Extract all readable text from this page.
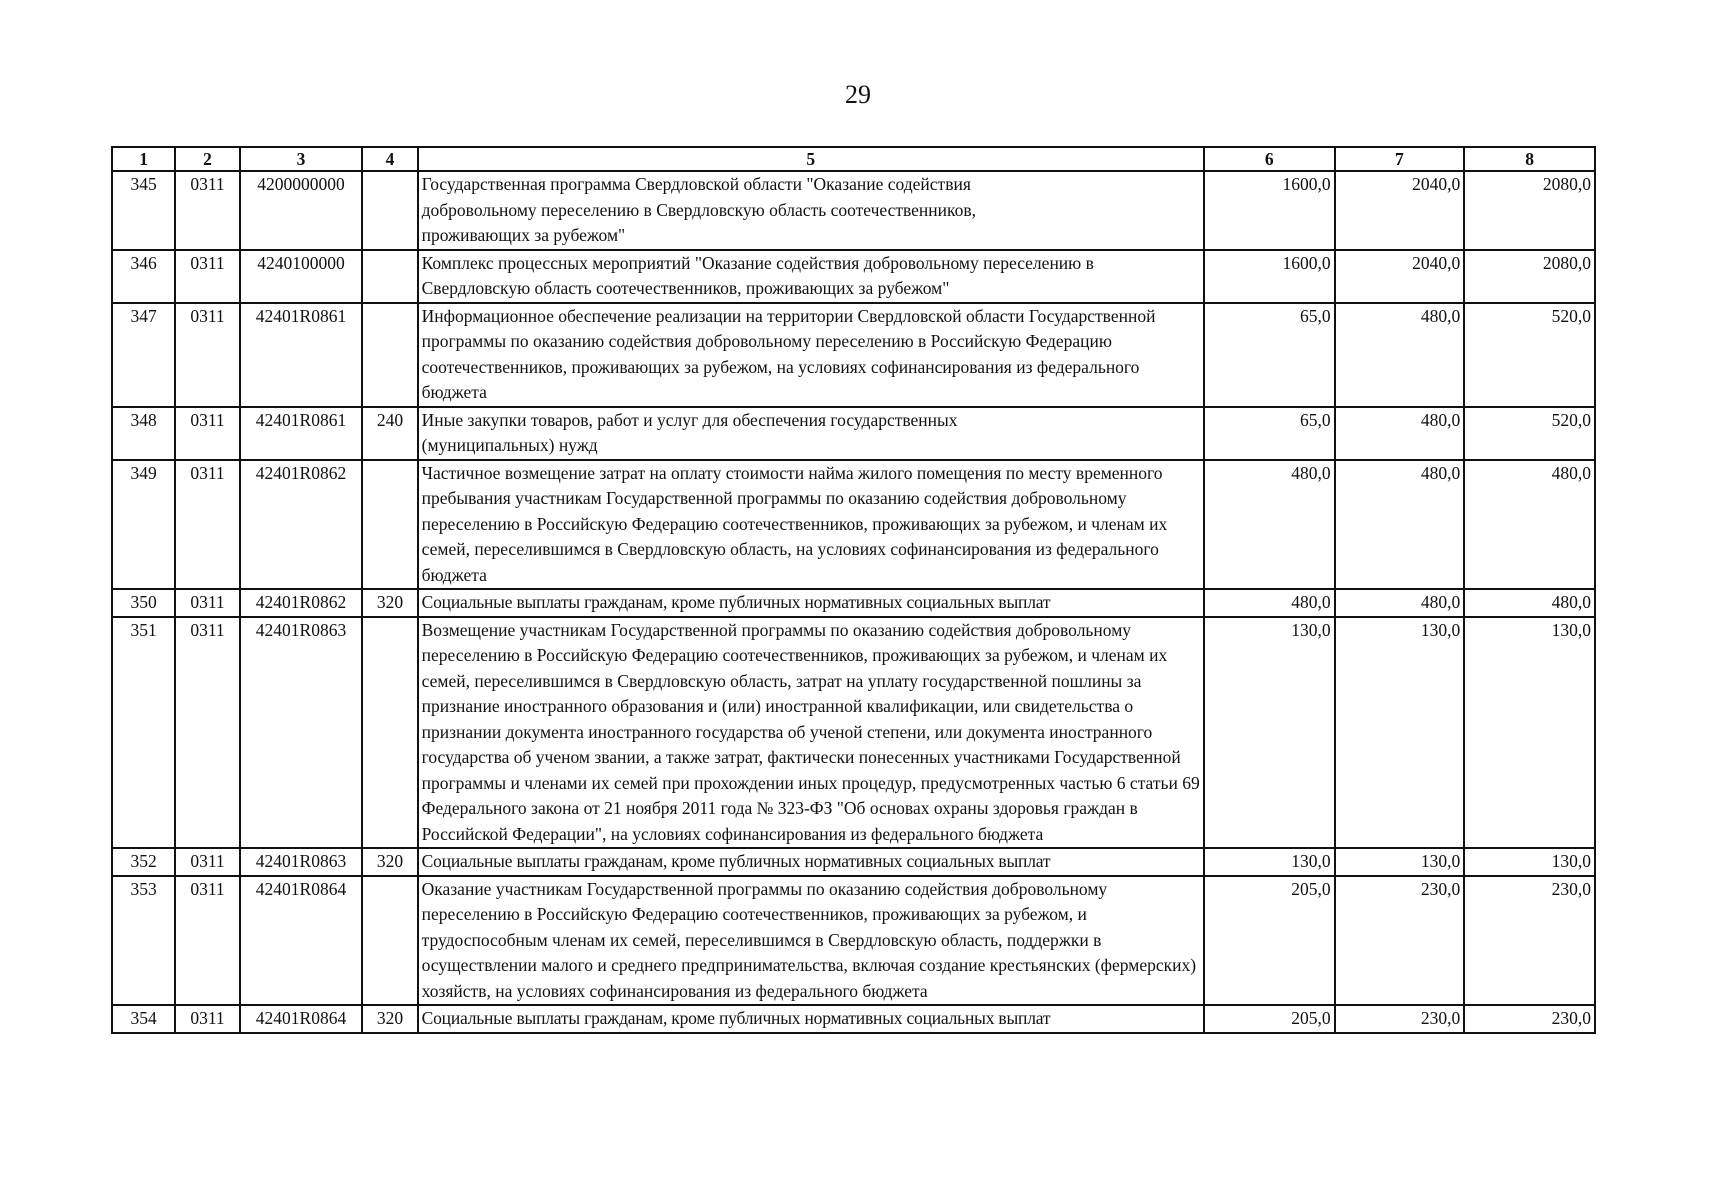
29
1	2	3	4	5	6	7	8
345	0311	4200000000		Государственная программа Свердловской области "Оказание содействия добровольному переселению в Свердловскую область соотечественников, проживающих за рубежом"	1600,0	2040,0	2080,0
346	0311	4240100000		Комплекс процессных мероприятий "Оказание содействия добровольному переселению в Свердловскую область соотечественников, проживающих за рубежом"	1600,0	2040,0	2080,0
347	0311	42401R0861		Информационное обеспечение реализации на территории Свердловской области Государственной программы по оказанию содействия добровольному переселению в Российскую Федерацию соотечественников, проживающих за рубежом, на условиях софинансирования из федерального бюджета	65,0	480,0	520,0
348	0311	42401R0861	240	Иные закупки товаров, работ и услуг для обеспечения государственных (муниципальных) нужд	65,0	480,0	520,0
349	0311	42401R0862		Частичное возмещение затрат на оплату стоимости найма жилого помещения по месту временного пребывания участникам Государственной программы по оказанию содействия добровольному переселению в Российскую Федерацию соотечественников, проживающих за рубежом, и членам их семей, переселившимся в Свердловскую область, на условиях софинансирования из федерального бюджета	480,0	480,0	480,0
350	0311	42401R0862	320	Социальные выплаты гражданам, кроме публичных нормативных социальных выплат	480,0	480,0	480,0
351	0311	42401R0863		Возмещение участникам Государственной программы по оказанию содействия добровольному переселению в Российскую Федерацию соотечественников, проживающих за рубежом, и членам их семей, переселившимся в Свердловскую область, затрат на уплату государственной пошлины за признание иностранного образования и (или) иностранной квалификации, или свидетельства о признании документа иностранного государства об ученой степени, или документа иностранного государства об ученом звании, а также затрат, фактически понесенных участниками Государственной программы и членами их семей при прохождении иных процедур, предусмотренных частью 6 статьи 69 Федерального закона от 21 ноября 2011 года № 323-ФЗ "Об основах охраны здоровья граждан в Российской Федерации", на условиях софинансирования из федерального бюджета	130,0	130,0	130,0
352	0311	42401R0863	320	Социальные выплаты гражданам, кроме публичных нормативных социальных выплат	130,0	130,0	130,0
353	0311	42401R0864		Оказание участникам Государственной программы по оказанию содействия добровольному переселению в Российскую Федерацию соотечественников, проживающих за рубежом, и трудоспособным членам их семей, переселившимся в Свердловскую область, поддержки в осуществлении малого и среднего предпринимательства, включая создание крестьянских (фермерских) хозяйств, на условиях софинансирования из федерального бюджета	205,0	230,0	230,0
354	0311	42401R0864	320	Социальные выплаты гражданам, кроме публичных нормативных социальных выплат	205,0	230,0	230,0
